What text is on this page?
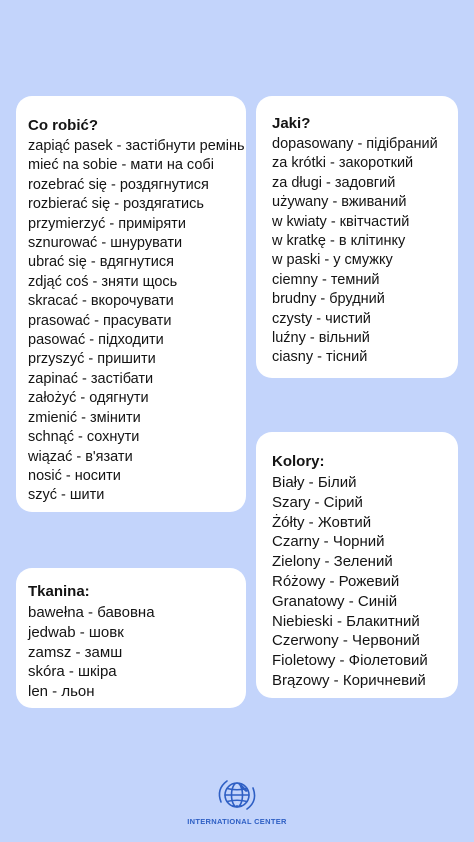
Co robić?
zapiąć pasek - застібнути ремінь
mieć na sobie - мати на собі
rozebrać się - роздягнутися
rozbierać się - роздягатись
przymierzyć - приміряти
sznurować - шнурувати
ubrać się - вдягнутися
zdjąć coś - зняти щось
skracać - вкорочувати
prasować - прасувати
pasować - підходити
przyszyć - пришити
zapinać - застібати
założyć - одягнути
zmienić - змінити
schnąć - сохнути
wiązać - в'язати
nosić - носити
szyć - шити
Jaki?
dopasowany - підібраний
za krótki - закороткий
za długi - задовгий
używany - вживаний
w kwiaty - квітчастий
w kratkę - в клітинку
w paski - у смужку
ciemny - темний
brudny - брудний
czysty - чистий
luźny - вільний
ciasny - тісний
Kolory:
Biały - Білий
Szary - Сірий
Żółty - Жовтий
Czarny - Чорний
Zielony - Зелений
Różowy - Рожевий
Granatowy - Синій
Niebieski - Блакитний
Czerwony - Червоний
Fioletowy - Фіолетовий
Brązowy - Коричневий
Tkanina:
bawełna - бавовна
jedwab - шовк
zamsz - замш
skóra - шкіра
len - льон
INTERNATIONAL CENTER
